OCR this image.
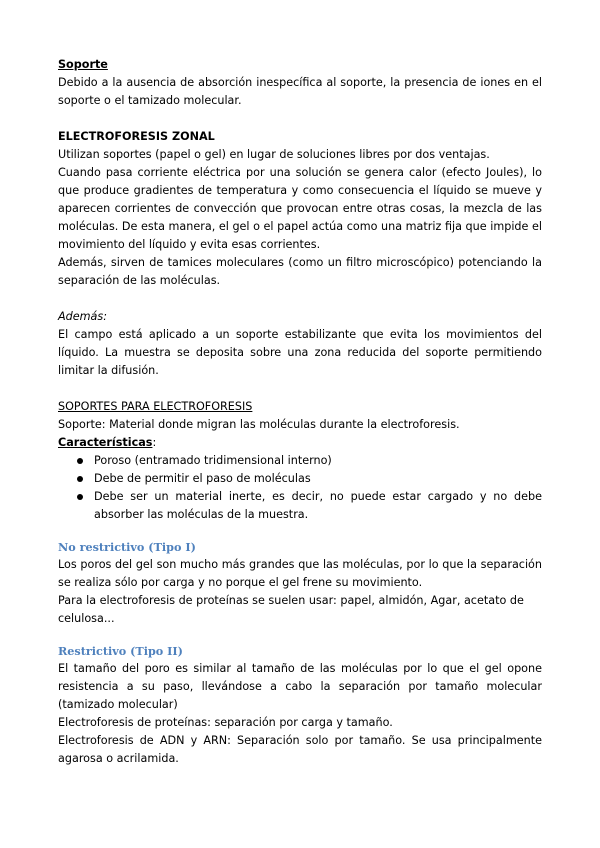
Soporte

Debido a la ausencia de absorción inespecífica al soporte, la presencia de iones en el soporte o el tamizado molecular.

ELECTROFORESIS ZONAL

Utilizan soportes (papel o gel) en lugar de soluciones libres por dos ventajas.

Cuando pasa corriente eléctrica por una solución se genera calor (efecto Joules), lo que produce gradientes de temperatura y como consecuencia el líquido se mueve y aparecen corrientes de convección que provocan entre otras cosas, la mezcla de las moléculas. De esta manera, el gel o el papel actúa como una matriz fija que impide el movimiento del líquido y evita esas corrientes.

Además, sirven de tamices moleculares (como un filtro microscópico) potenciando la separación de las moléculas.

Además:

El campo está aplicado a un soporte estabilizante que evita los movimientos del líquido. La muestra se deposita sobre una zona reducida del soporte permitiendo limitar la difusión.

SOPORTES PARA ELECTROFORESIS

Soporte: Material donde migran las moléculas durante la electroforesis.

Características:

Poroso (entramado tridimensional interno)
Debe de permitir el paso de moléculas
Debe ser un material inerte, es decir, no puede estar cargado y no debe absorber las moléculas de la muestra.

No restrictivo (Tipo I)

Los poros del gel son mucho más grandes que las moléculas, por lo que la separación se realiza sólo por carga y no porque el gel frene su movimiento.

Para la electroforesis de proteínas se suelen usar: papel, almidón, Agar, acetato de celulosa...

Restrictivo (Tipo II)

El tamaño del poro es similar al tamaño de las moléculas por lo que el gel opone resistencia a su paso, llevándose a cabo la separación por tamaño molecular (tamizado molecular)

Electroforesis de proteínas: separación por carga y tamaño.

Electroforesis de ADN y ARN: Separación solo por tamaño. Se usa principalmente agarosa o acrilamida.
